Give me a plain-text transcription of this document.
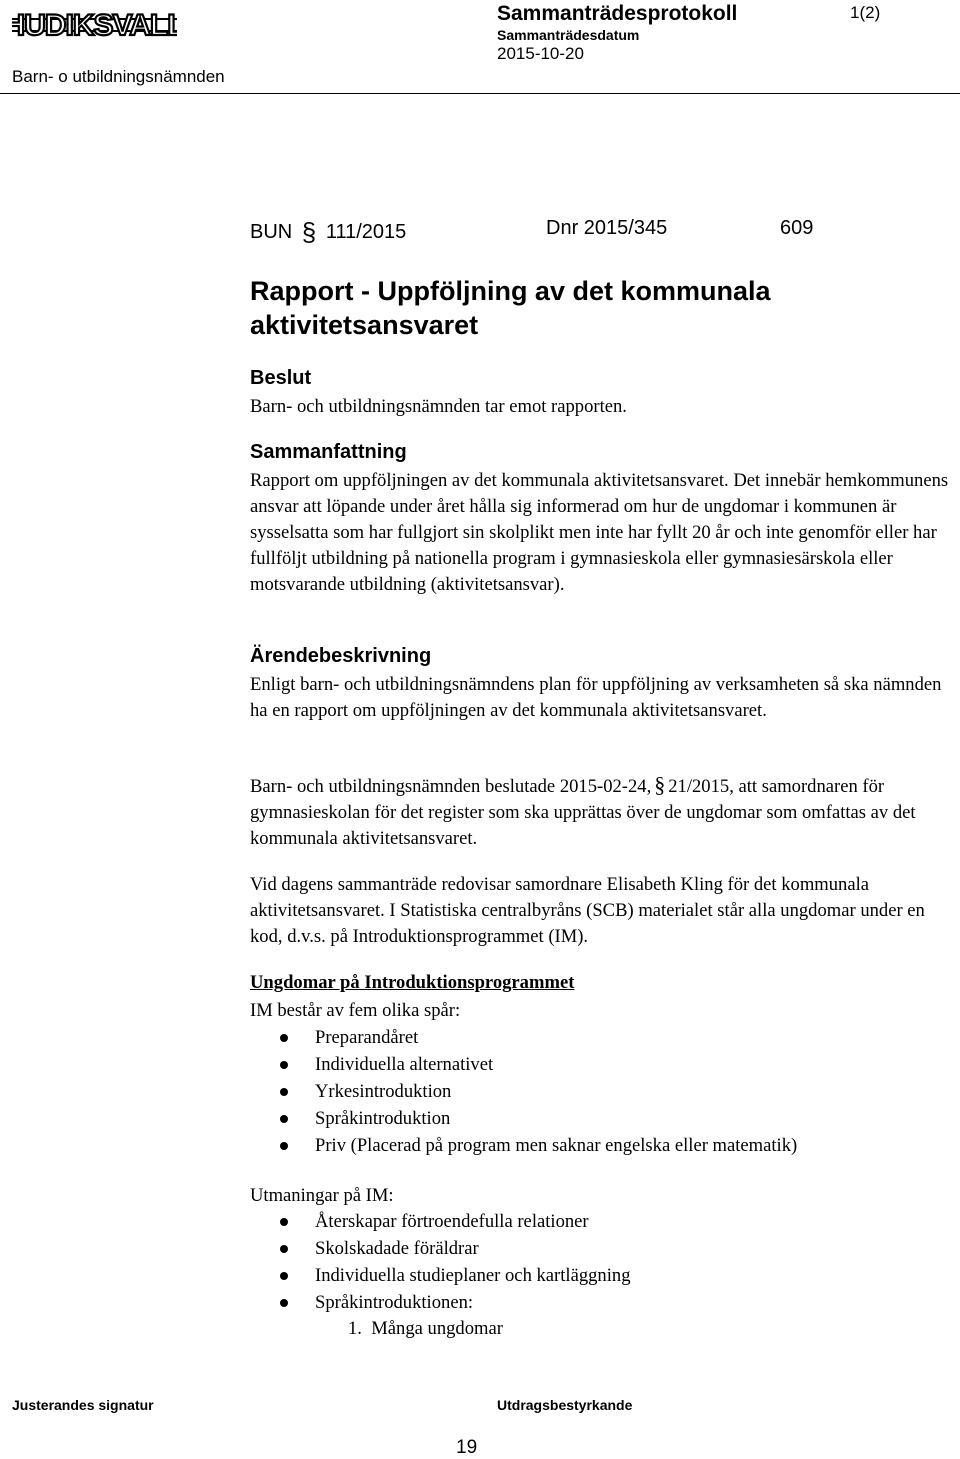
HUDIKSVALL	Sammanträdesprotokoll	1(2)
Sammanträdesdatum
2015-10-20
Barn- o utbildningsnämnden
BUN § 111/2015	Dnr 2015/345	609
Rapport - Uppföljning av det kommunala aktivitetsansvaret
Beslut
Barn- och utbildningsnämnden tar emot rapporten.
Sammanfattning
Rapport om uppföljningen av det kommunala aktivitetsansvaret. Det innebär hemkommunens ansvar att löpande under året hålla sig informerad om hur de ungdomar i kommunen är sysselsatta som har fullgjort sin skolplikt men inte har fyllt 20 år och inte genomför eller har fullföljt utbildning på nationella program i gymnasieskola eller gymnasiesärskola eller motsvarande utbildning (aktivitetsansvar).
Ärendebeskrivning
Enligt barn- och utbildningsnämndens plan för uppföljning av verksamheten så ska nämnden ha en rapport om uppföljningen av det kommunala aktivitetsansvaret.
Barn- och utbildningsnämnden beslutade 2015-02-24, § 21/2015, att samordnaren för gymnasieskolan för det register som ska upprättas över de ungdomar som omfattas av det kommunala aktivitetsansvaret.
Vid dagens sammanträde redovisar samordnare Elisabeth Kling för det kommunala aktivitetsansvaret. I Statistiska centralbyråns (SCB) materialet står alla ungdomar under en kod, d.v.s. på Introduktionsprogrammet (IM).
Ungdomar på Introduktionsprogrammet
IM består av fem olika spår:
Preparandåret
Individuella alternativet
Yrkesintroduktion
Språkintroduktion
Priv (Placerad på program men saknar engelska eller matematik)
Utmaningar på IM:
Återskapar förtroendefulla relationer
Skolskadade föräldrar
Individuella studieplaner och kartläggning
Språkintroduktionen:
1. Många ungdomar
Justerandes signatur	Utdragsbestyrkande
19
